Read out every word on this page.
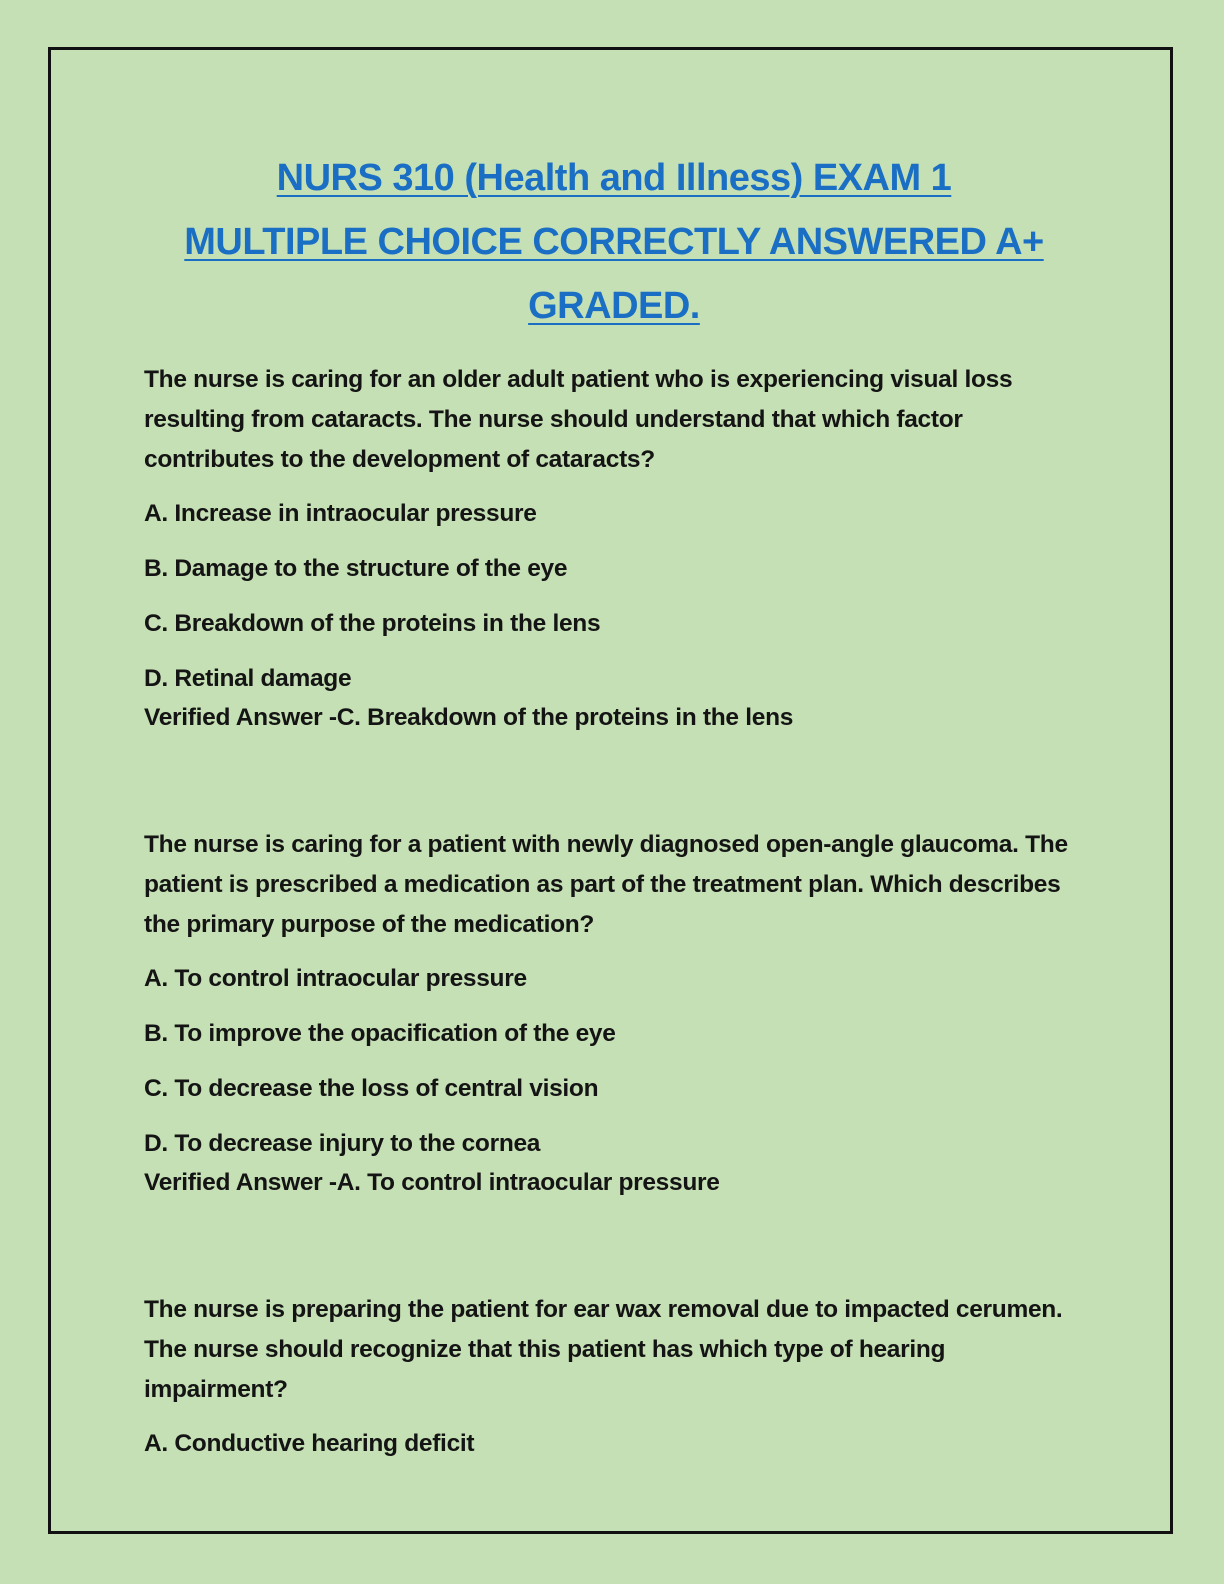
NURS 310 (Health and Illness) EXAM 1
MULTIPLE CHOICE CORRECTLY ANSWERED A+
GRADED.

The nurse is caring for an older adult patient who is experiencing visual loss resulting from cataracts. The nurse should understand that which factor contributes to the development of cataracts?

A. Increase in intraocular pressure

B. Damage to the structure of the eye

C. Breakdown of the proteins in the lens

D. Retinal damage

Verified Answer -C. Breakdown of the proteins in the lens

The nurse is caring for a patient with newly diagnosed open-angle glaucoma. The patient is prescribed a medication as part of the treatment plan. Which describes the primary purpose of the medication?

A. To control intraocular pressure

B. To improve the opacification of the eye

C. To decrease the loss of central vision

D. To decrease injury to the cornea

Verified Answer -A. To control intraocular pressure

The nurse is preparing the patient for ear wax removal due to impacted cerumen. The nurse should recognize that this patient has which type of hearing impairment?

A. Conductive hearing deficit
